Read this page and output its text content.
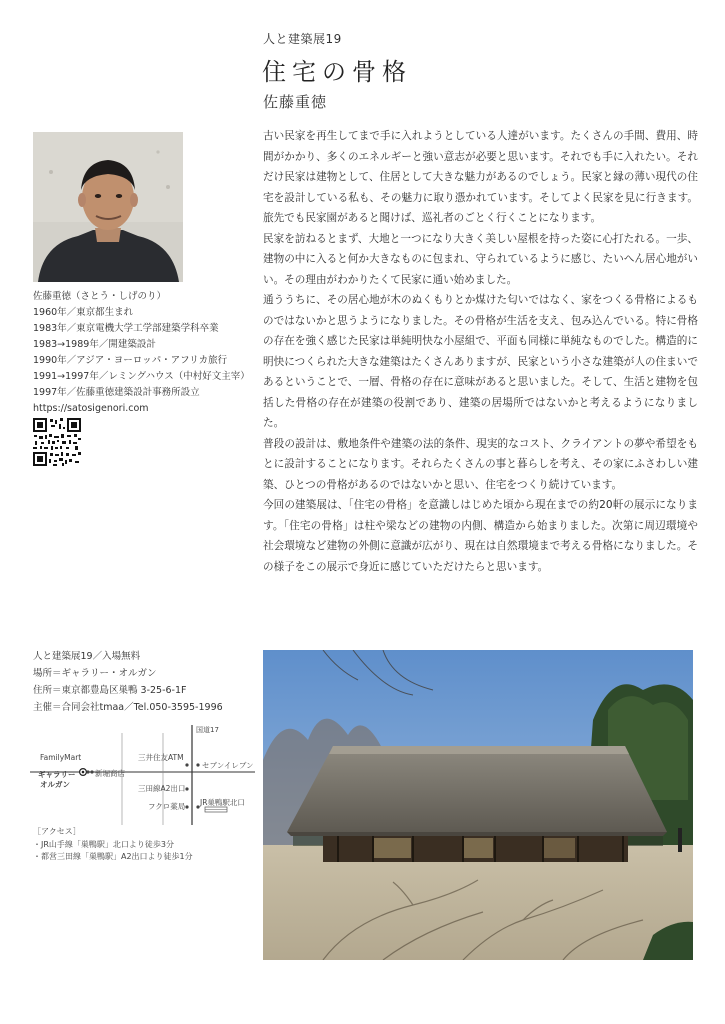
人と建築展19
住宅の骨格
佐藤重徳
佐藤重徳（さとう・しげのり）
1960年／東京都生まれ
1983年／東京電機大学工学部建築学科卒業
1983→1989年／開建築設計
1990年／アジア・ヨーロッパ・アフリカ旅行
1991→1997年／レミングハウス（中村好文主宰）
1997年／佐藤重徳建築設計事務所設立
https://satosigenori.com

古い民家を再生してまで手に入れようとしている人達がいます。たくさんの手間、費用、時間がかかり、多くのエネルギーと強い意志が必要と思います。それでも手に入れたい。それだけ民家は建物として、住居として大きな魅力があるのでしょう。民家と縁の薄い現代の住宅を設計している私も、その魅力に取り憑かれています。そしてよく民家を見に行きます。旅先でも民家園があると聞けば、巡礼者のごとく行くことになります。

民家を訪ねるとまず、大地と一つになり大きく美しい屋根を持った姿に心打たれる。一歩、建物の中に入ると何か大きなものに包まれ、守られているように感じ、たいへん居心地がいい。その理由がわかりたくて民家に通い始めました。

通ううちに、その居心地が木のぬくもりとか煤けた匂いではなく、家をつくる骨格によるものではないかと思うようになりました。その骨格が生活を支え、包み込んでいる。特に骨格の存在を強く感じた民家は単純明快な小屋組で、平面も同様に単純なものでした。構造的に明快につくられた大きな建築はたくさんありますが、民家という小さな建築が人の住まいであるということで、一層、骨格の存在に意味があると思いました。そして、生活と建物を包括した骨格の存在が建築の役割であり、建築の居場所ではないかと考えるようになりました。

普段の設計は、敷地条件や建築の法的条件、現実的なコスト、クライアントの夢や希望をもとに設計することになります。それらたくさんの事と暮らしを考え、その家にふさわしい建築、ひとつの骨格があるのではないかと思い、住宅をつくり続けています。

今回の建築展は、「住宅の骨格」を意識しはじめた頃から現在までの約20軒の展示になります。「住宅の骨格」は柱や梁などの建物の内側、構造から始まりました。次第に周辺環境や社会環境など建物の外側に意識が広がり、現在は自然環境まで考える骨格になりました。その様子をこの展示で身近に感じていただけたらと思います。

人と建築展19／入場無料
場所＝ギャラリー・オルガン
住所＝東京都豊島区巣鴨 3-25-6-1F
主催＝合同会社tmaa／Tel.050-3595-1996
国道17
FamilyMart	三井住友ATM
セブンイレブン
ギャラリー
オルガン
新堀商店
三田線A2出口
フクロ薬局 JR巣鴨駅北口
［アクセス］
・JR山手線「巣鴨駅」北口より徒歩3分
・都営三田線「巣鴨駅」A2出口より徒歩1分
